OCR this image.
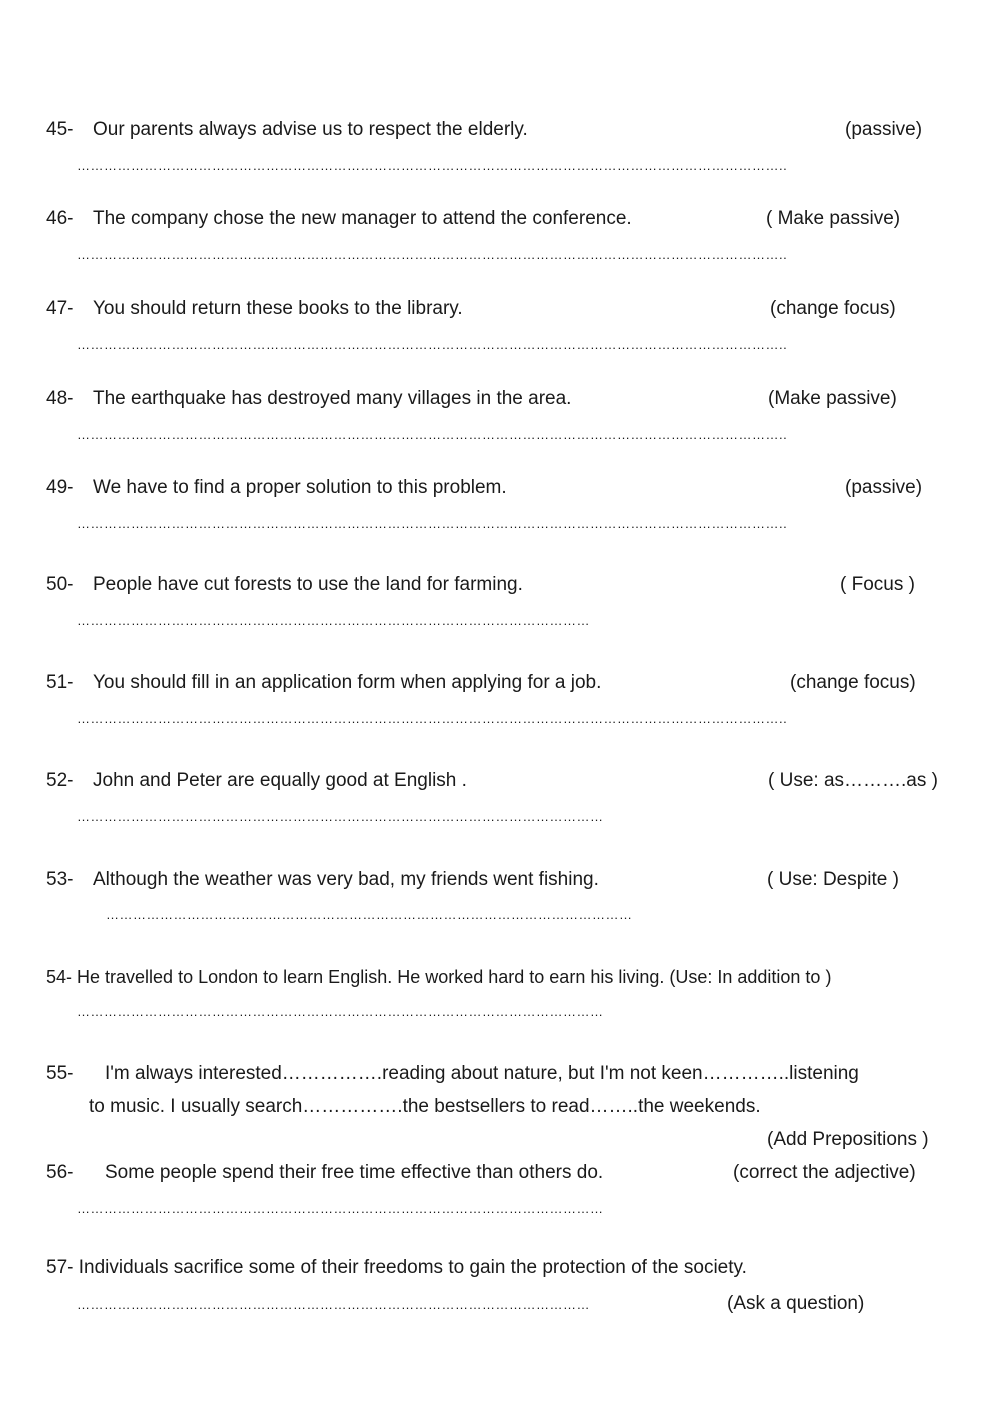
45- Our parents always advise us to respect the elderly.	(passive)
…………………………………………………………………………………………………………………………………………..
46- The company chose the new manager to attend the conference.	( Make passive)
…………………………………………………………………………………………………………………………………………..
47- You should return these books to the library.	(change focus)
…………………………………………………………………………………………………………………………………………..
48- The earthquake has destroyed many villages in the area.	(Make passive)
…………………………………………………………………………………………………………………………………………..
49- We have to find a proper solution to this problem.	(passive)
…………………………………………………………………………………………………………………………………………..
50- People have cut forests to use the land for farming.	( Focus )
……………………………………………………………………………………………………
51- You should fill in an application form when applying for a job.	(change focus)
…………………………………………………………………………………………………………………………………………..
52- John and Peter are equally good at English .	( Use: as……….as )
………………………………………………………………………………………………………
53- Although the weather was very bad, my friends went fishing.	( Use: Despite )
………………………………………………………………………………………………………
54- He travelled to London to learn English. He worked hard to earn his living. (Use: In addition to )
………………………………………………………………………………………………………
55- I'm always interested…………….reading about nature, but I'm not keen…………..listening
to music. I usually search…………….the bestsellers to read……..the weekends.
(Add Prepositions )
56- Some people spend their free time effective than others do.	(correct the adjective)
………………………………………………………………………………………………………
57- Individuals sacrifice some of their freedoms to gain the protection of the society.
……………………………………………………………………………………………………	(Ask a question)
